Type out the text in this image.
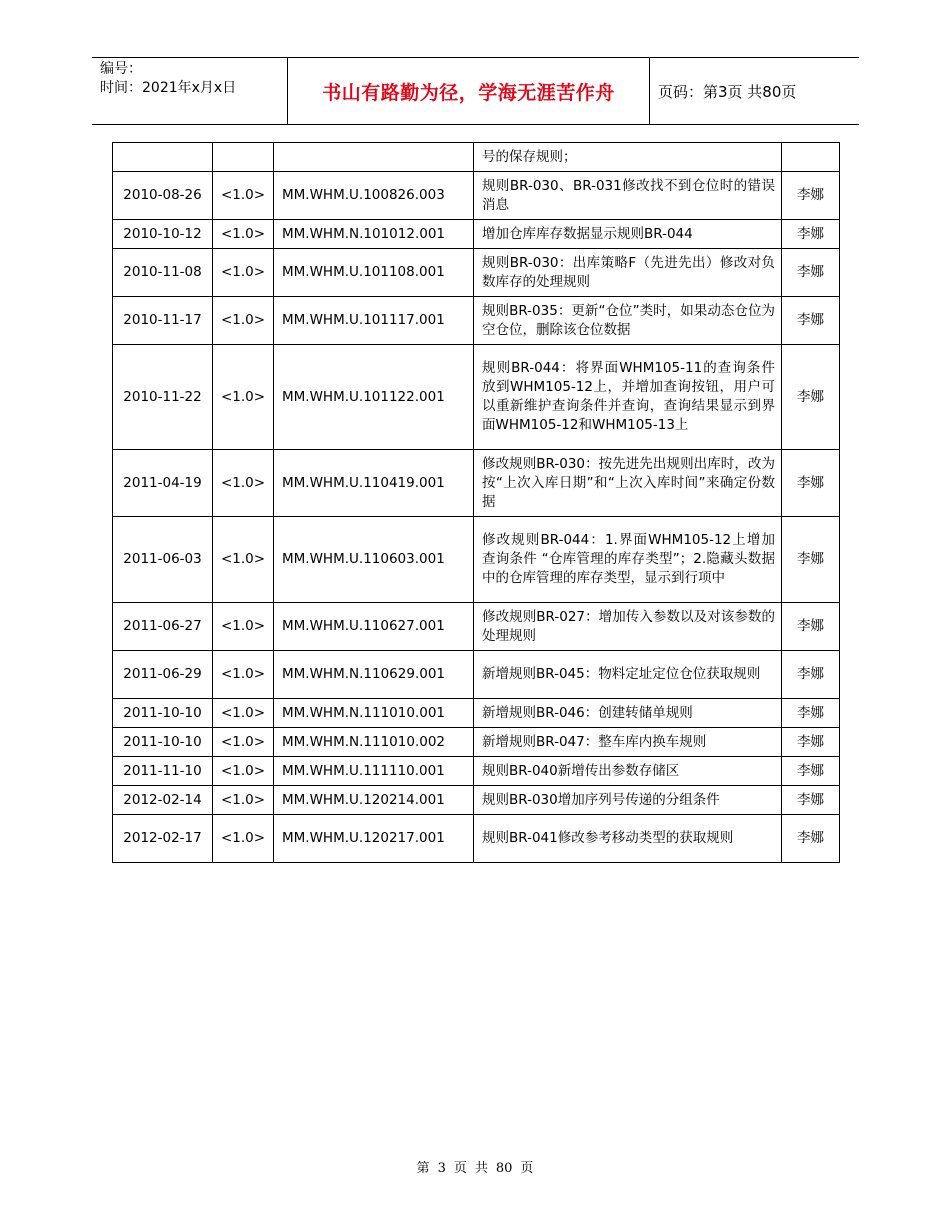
编号：
时间：2021年x月x日	书山有路勤为径，学海无涯苦作舟	页码：第3页 共80页
			号的保存规则；	
2010-08-26	<1.0>	MM.WHM.U.100826.003	规则BR-030、BR-031修改找不到仓位时的错误消息	李娜
2010-10-12	<1.0>	MM.WHM.N.101012.001	增加仓库库存数据显示规则BR-044	李娜
2010-11-08	<1.0>	MM.WHM.U.101108.001	规则BR-030：出库策略F（先进先出）修改对负数库存的处理规则	李娜
2010-11-17	<1.0>	MM.WHM.U.101117.001	规则BR-035：更新“仓位”类时，如果动态仓位为空仓位，删除该仓位数据	李娜
2010-11-22	<1.0>	MM.WHM.U.101122.001	规则BR-044：将界面WHM105-11的查询条件放到WHM105-12上，并增加查询按钮，用户可以重新维护查询条件并查询，查询结果显示到界面WHM105-12和WHM105-13上	李娜
2011-04-19	<1.0>	MM.WHM.U.110419.001	修改规则BR-030：按先进先出规则出库时，改为按“上次入库日期”和“上次入库时间”来确定份数据	李娜
2011-06-03	<1.0>	MM.WHM.U.110603.001	修改规则BR-044：1.界面WHM105-12上增加查询条件 “仓库管理的库存类型”；2.隐藏头数据中的仓库管理的库存类型，显示到行项中	李娜
2011-06-27	<1.0>	MM.WHM.U.110627.001	修改规则BR-027：增加传入参数以及对该参数的处理规则	李娜
2011-06-29	<1.0>	MM.WHM.N.110629.001	新增规则BR-045：物料定址定位仓位获取规则	李娜
2011-10-10	<1.0>	MM.WHM.N.111010.001	新增规则BR-046：创建转储单规则	李娜
2011-10-10	<1.0>	MM.WHM.N.111010.002	新增规则BR-047：整车库内换车规则	李娜
2011-11-10	<1.0>	MM.WHM.U.111110.001	规则BR-040新增传出参数存储区	李娜
2012-02-14	<1.0>	MM.WHM.U.120214.001	规则BR-030增加序列号传递的分组条件	李娜
2012-02-17	<1.0>	MM.WHM.U.120217.001	规则BR-041修改参考移动类型的获取规则	李娜
第 3 页 共 80 页
